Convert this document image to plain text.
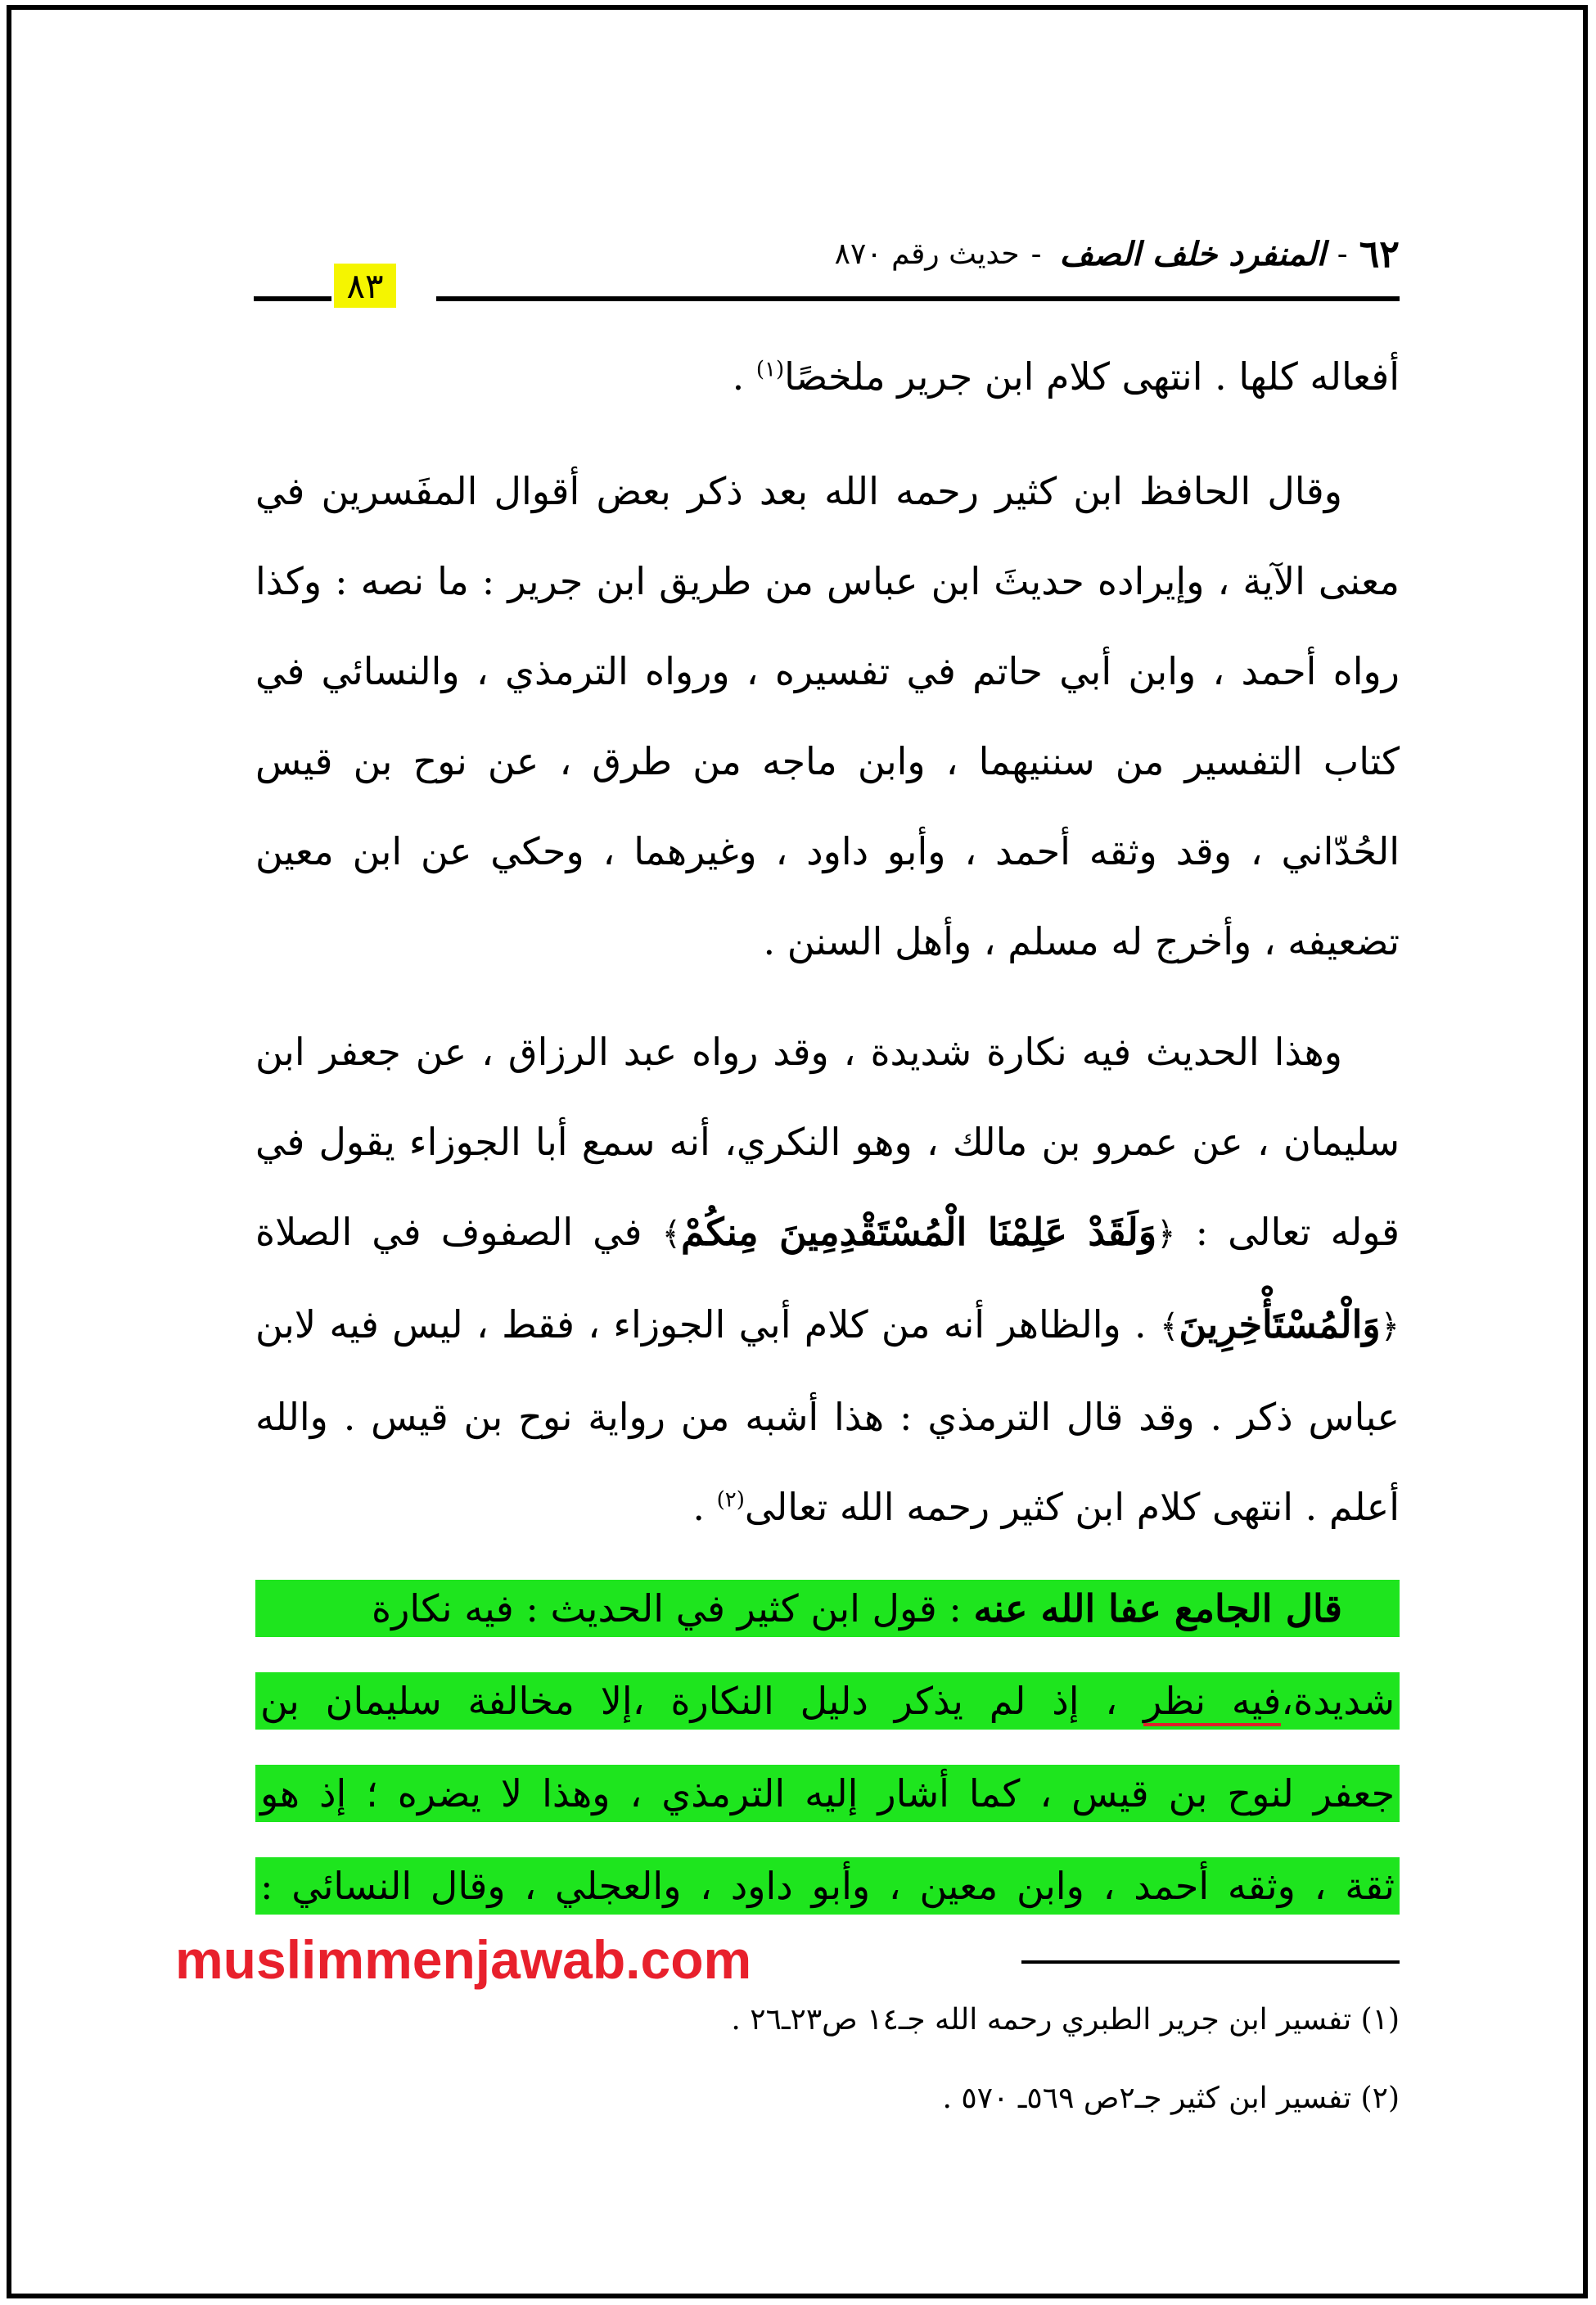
٦٢
-
المنفرد خلف الصف
-
حديث رقم ٨٧٠
٨٣

أفعاله كلها . انتهى كلام ابن جرير ملخصًا$^{(١)}$ .

وقال الحافظ ابن كثير رحمه الله بعد ذكر بعض أقوال المفَسرين في معنى الآية ، وإيراده حديثَ ابن عباس من طريق ابن جرير : ما نصه : وكذا رواه أحمد ، وابن أبي حاتم في تفسيره ، ورواه الترمذي ، والنسائي في كتاب التفسير من سننيهما ، وابن ماجه من طرق ، عن نوح بن قيس الحُدّاني ، وقد وثقه أحمد ، وأبو داود ، وغيرهما ، وحكي عن ابن معين تضعيفه ، وأخرج له مسلم ، وأهل السنن .

وهذا الحديث فيه نكارة شديدة ، وقد رواه عبد الرزاق ، عن جعفر ابن سليمان ، عن عمرو بن مالك ، وهو النكري، أنه سمع أبا الجوزاء يقول في قوله تعالى : ﴿وَلَقَدْ عَلِمْنَا الْمُسْتَقْدِمِينَ مِنكُمْ﴾ في الصفوف في الصلاة ﴿وَالْمُسْتَأْخِرِينَ﴾ . والظاهر أنه من كلام أبي الجوزاء ، فقط ، ليس فيه لابن عباس ذكر . وقد قال الترمذي : هذا أشبه من رواية نوح بن قيس . والله أعلم . انتهى كلام ابن كثير رحمه الله تعالى$^{(٢)}$ .

قال الجامع عفا الله عنه : قول ابن كثير في الحديث : فيه نكارة
شديدة،فيه نظر ، إذ لم يذكر دليل النكارة ،إلا مخالفة سليمان بن
جعفر لنوح بن قيس ، كما أشار إليه الترمذي ، وهذا لا يضره ؛ إذ هو
ثقة ، وثقه أحمد ، وابن معين ، وأبو داود ، والعجلي ، وقال النسائي :
muslimmenjawab.com
(١) تفسير ابن جرير الطبري رحمه الله جـ١٤ ص٢٣ـ٢٦ .
(٢) تفسير ابن كثير جـ٢ص ٥٦٩ـ ٥٧٠ .
